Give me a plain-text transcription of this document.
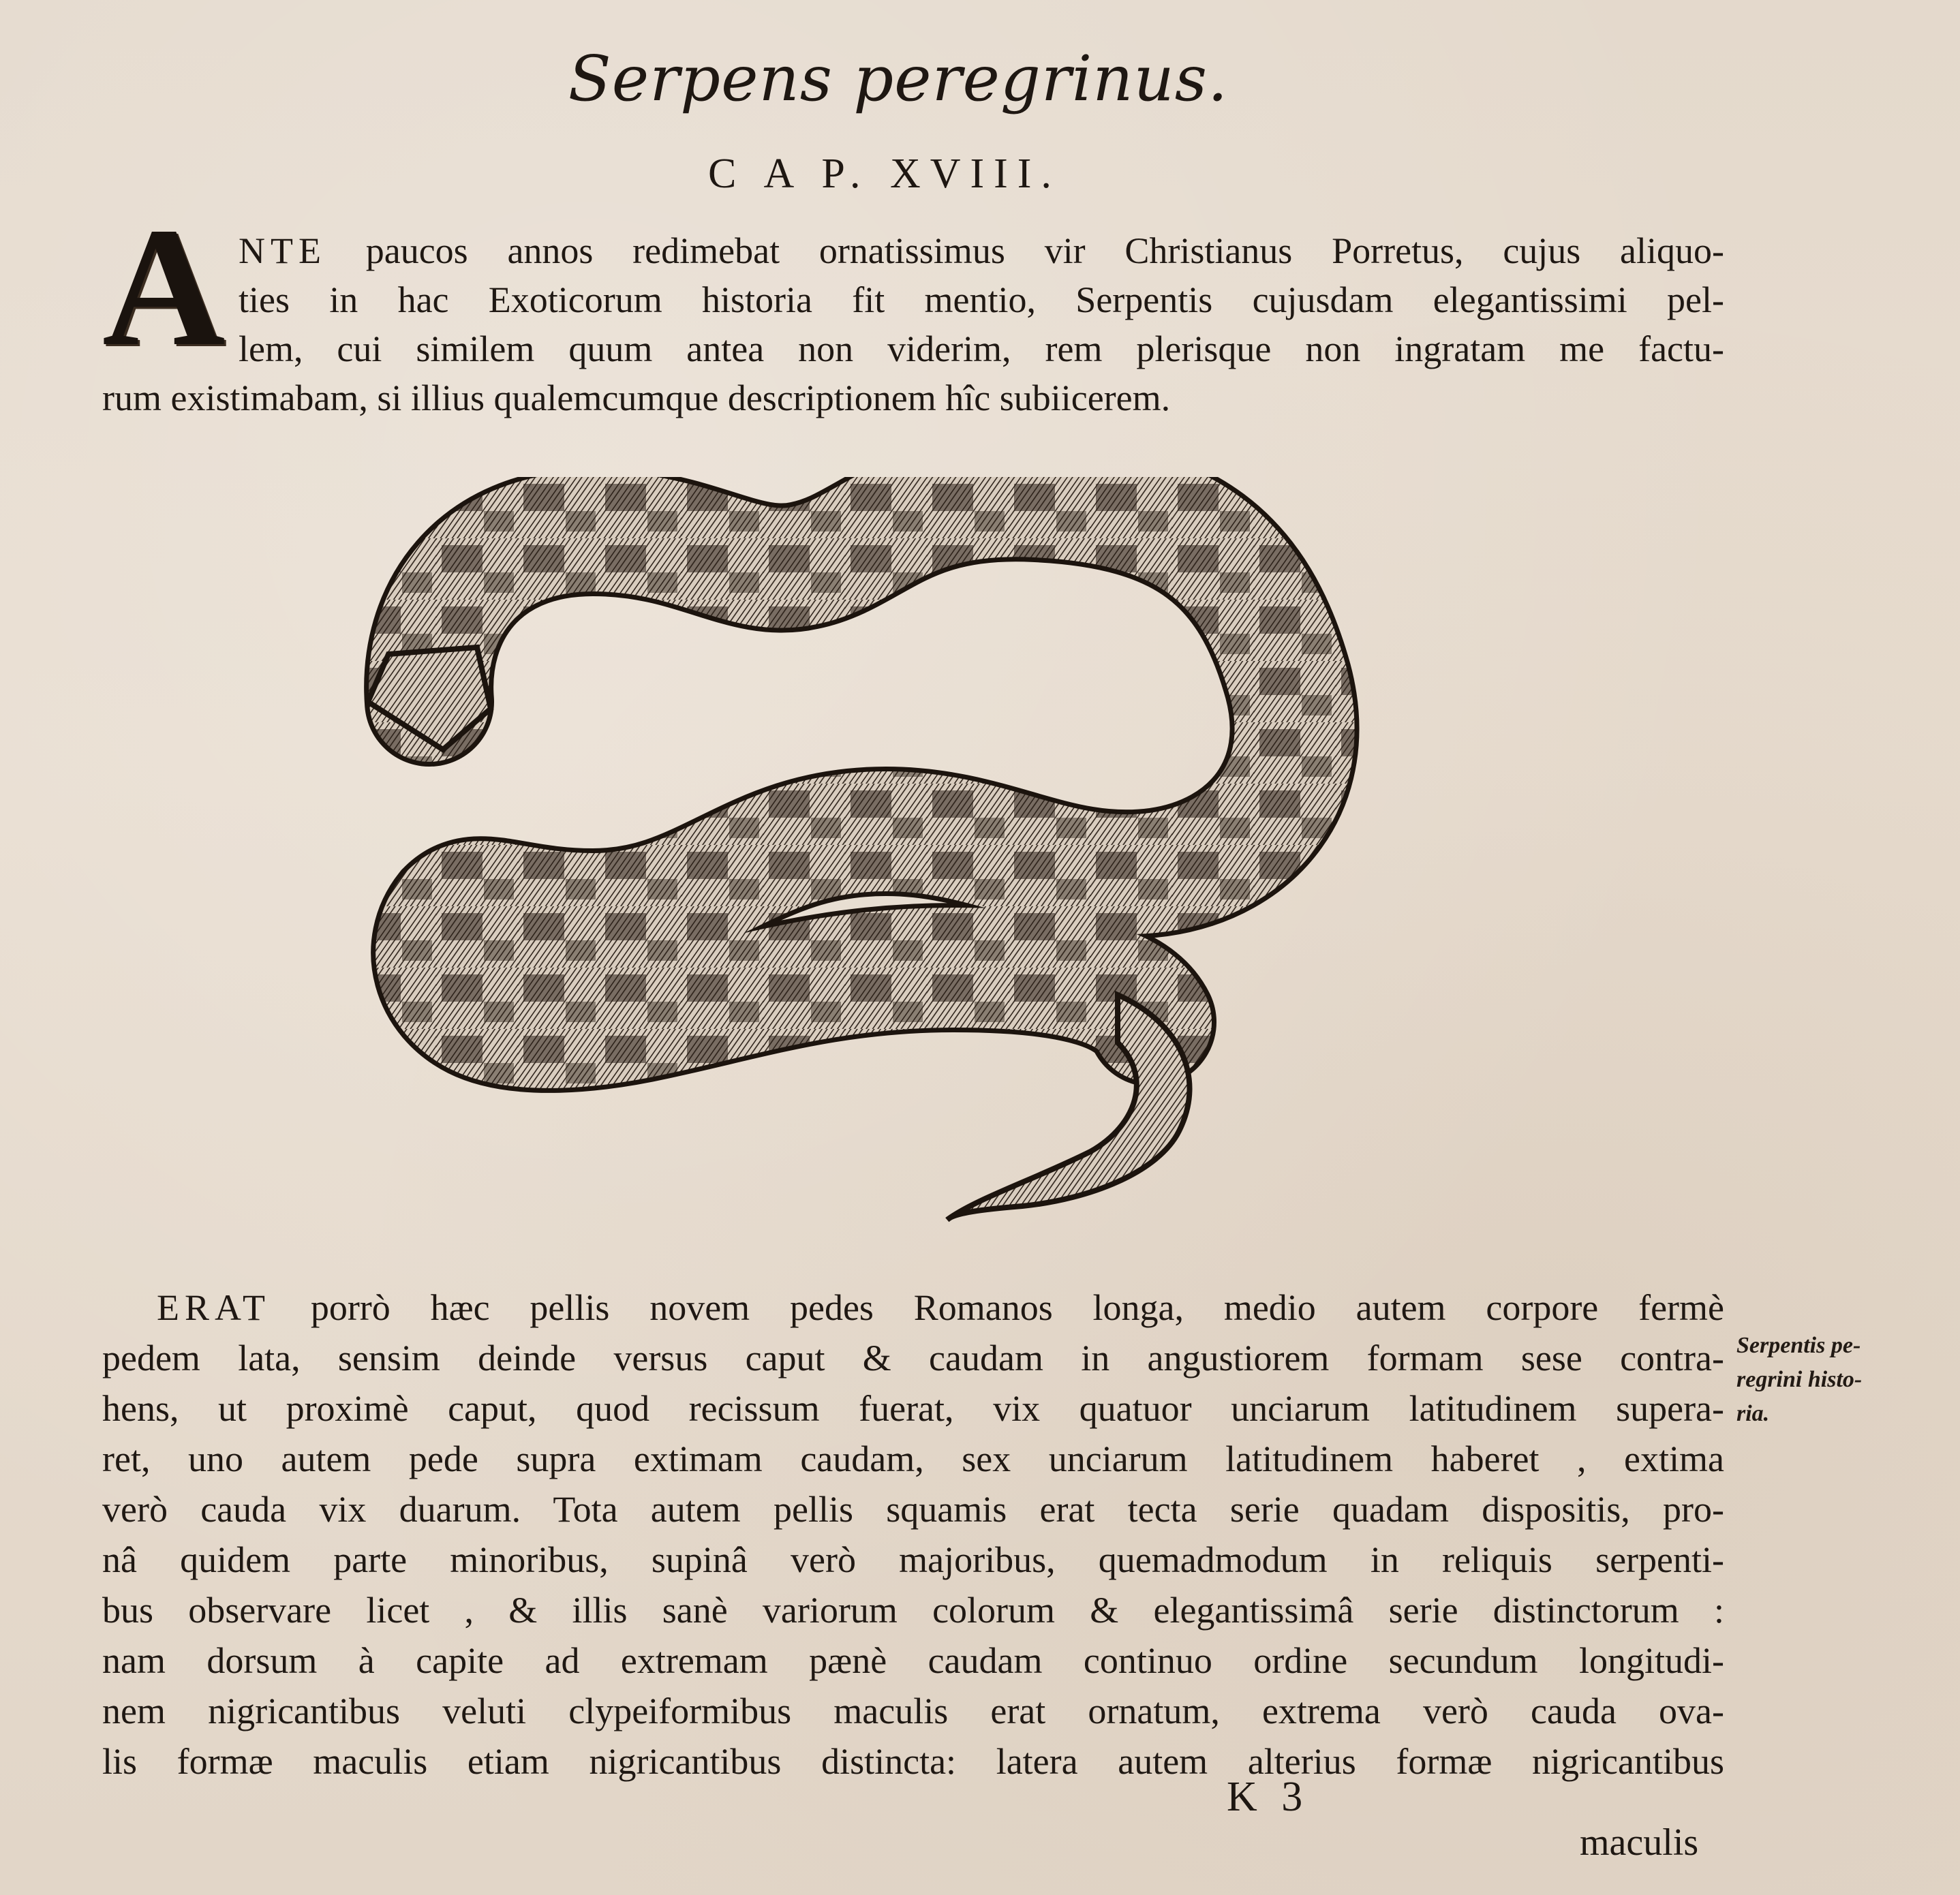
Serpens peregrinus.
C A P. XVIII.
A NTE paucos annos redimebat ornatissimus vir Christianus Porretus, cujus aliquo-
ties in hac Exoticorum historia fit mentio, Serpentis cujusdam elegantissimi pel-
lem, cui similem quum antea non viderim, rem plerisque non ingratam me factu-
rum existimabam, si illius qualemcumque descriptionem hîc subiicerem.

ERAT porrò hæc pellis novem pedes Romanos longa, medio autem corpore fermè
pedem lata, sensim deinde versus caput & caudam in angustiorem formam sese contra-
hens, ut proximè caput, quod recissum fuerat, vix quatuor unciarum latitudinem supera-
ret, uno autem pede supra extimam caudam, sex unciarum latitudinem haberet , extima
verò cauda vix duarum. Tota autem pellis squamis erat tecta serie quadam dispositis, pro-
nâ quidem parte minoribus, supinâ verò majoribus, quemadmodum in reliquis serpenti-
bus observare licet , & illis sanè variorum colorum & elegantissimâ serie distinctorum :
nam dorsum à capite ad extremam pænè caudam continuo ordine secundum longitudi-
nem nigricantibus veluti clypeiformibus maculis erat ornatum, extrema verò cauda ova-
lis formæ maculis etiam nigricantibus distincta: latera autem alterius formæ nigricantibus

Serpentis pe-
regrini histo-
ria.
K 3
maculis
